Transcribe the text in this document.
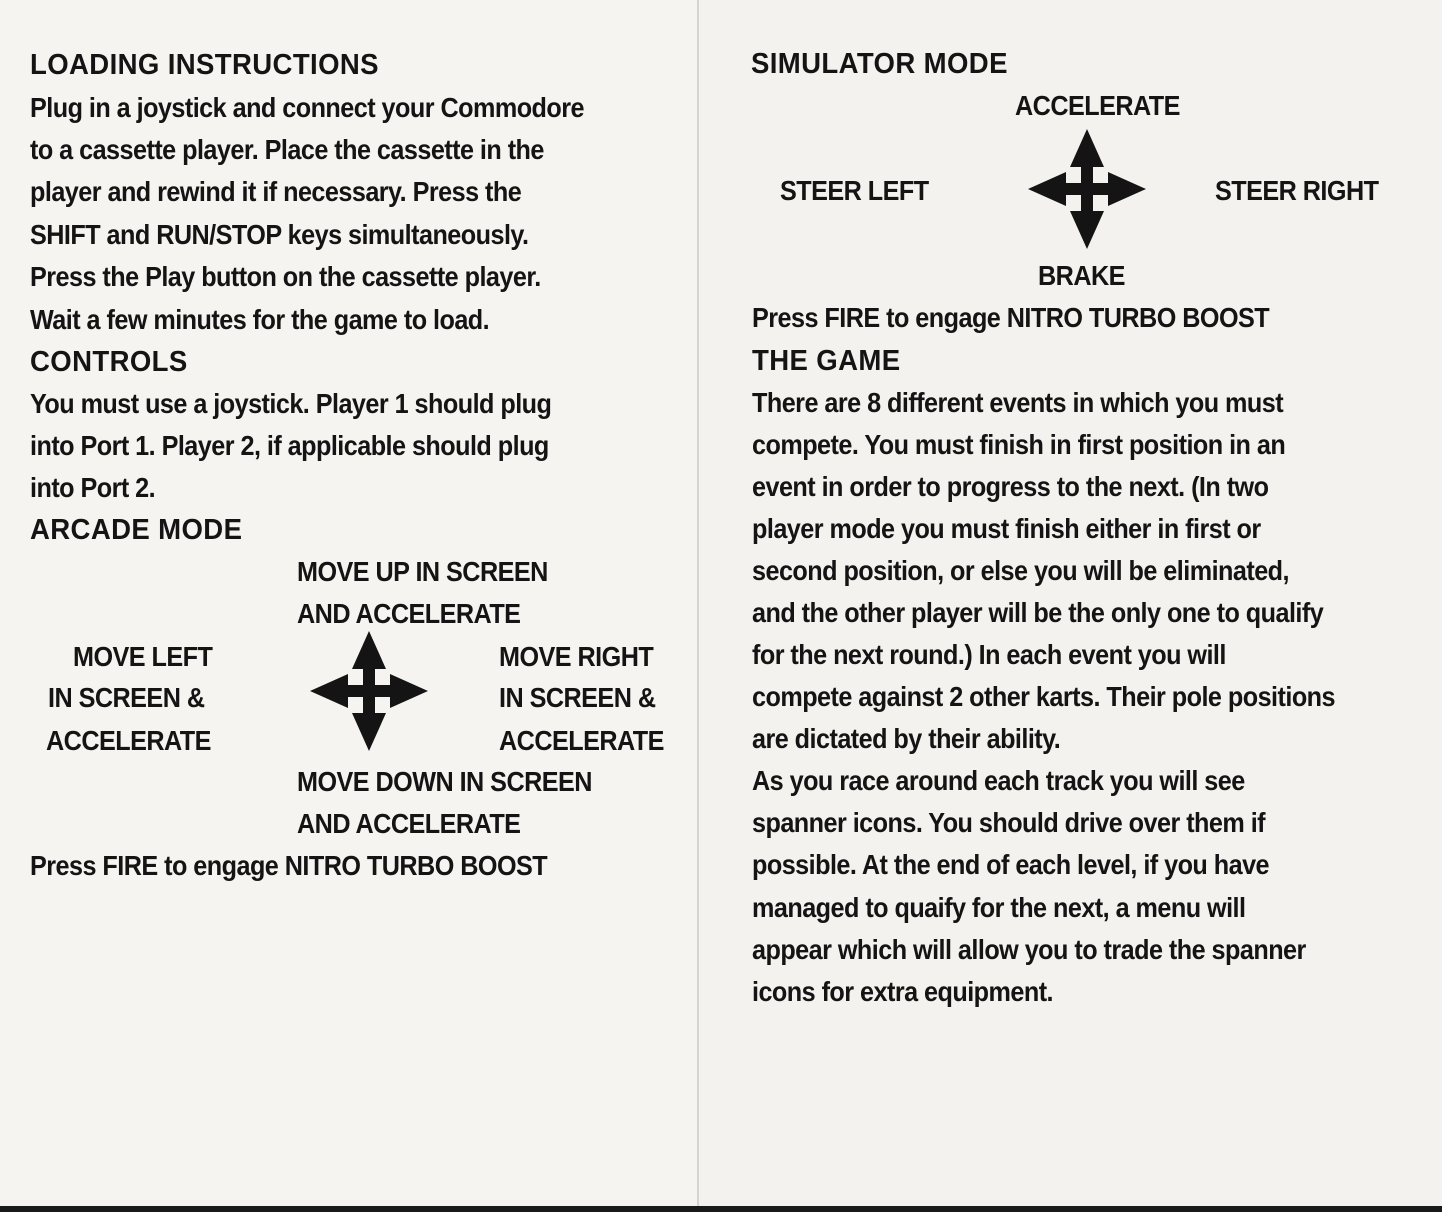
LOADING INSTRUCTIONS
Plug in a joystick and connect your Commodore
to a cassette player. Place the cassette in the
player and rewind it if necessary. Press the
SHIFT and RUN/STOP keys simultaneously.
Press the Play button on the cassette player.
Wait a few minutes for the game to load.
CONTROLS
You must use a joystick. Player 1 should plug
into Port 1. Player 2, if applicable should plug
into Port 2.
ARCADE MODE
MOVE UP IN SCREEN
AND ACCELERATE
MOVE LEFT
IN SCREEN &
ACCELERATE
MOVE RIGHT
IN SCREEN &
ACCELERATE
MOVE DOWN IN SCREEN
AND ACCELERATE
Press FIRE to engage NITRO TURBO BOOST
SIMULATOR MODE
ACCELERATE
STEER LEFT	STEER RIGHT
BRAKE
Press FIRE to engage NITRO TURBO BOOST
THE GAME
There are 8 different events in which you must
compete. You must finish in first position in an
event in order to progress to the next. (In two
player mode you must finish either in first or
second position, or else you will be eliminated,
and the other player will be the only one to qualify
for the next round.) In each event you will
compete against 2 other karts. Their pole positions
are dictated by their ability.
As you race around each track you will see
spanner icons. You should drive over them if
possible. At the end of each level, if you have
managed to quaify for the next, a menu will
appear which will allow you to trade the spanner
icons for extra equipment.
